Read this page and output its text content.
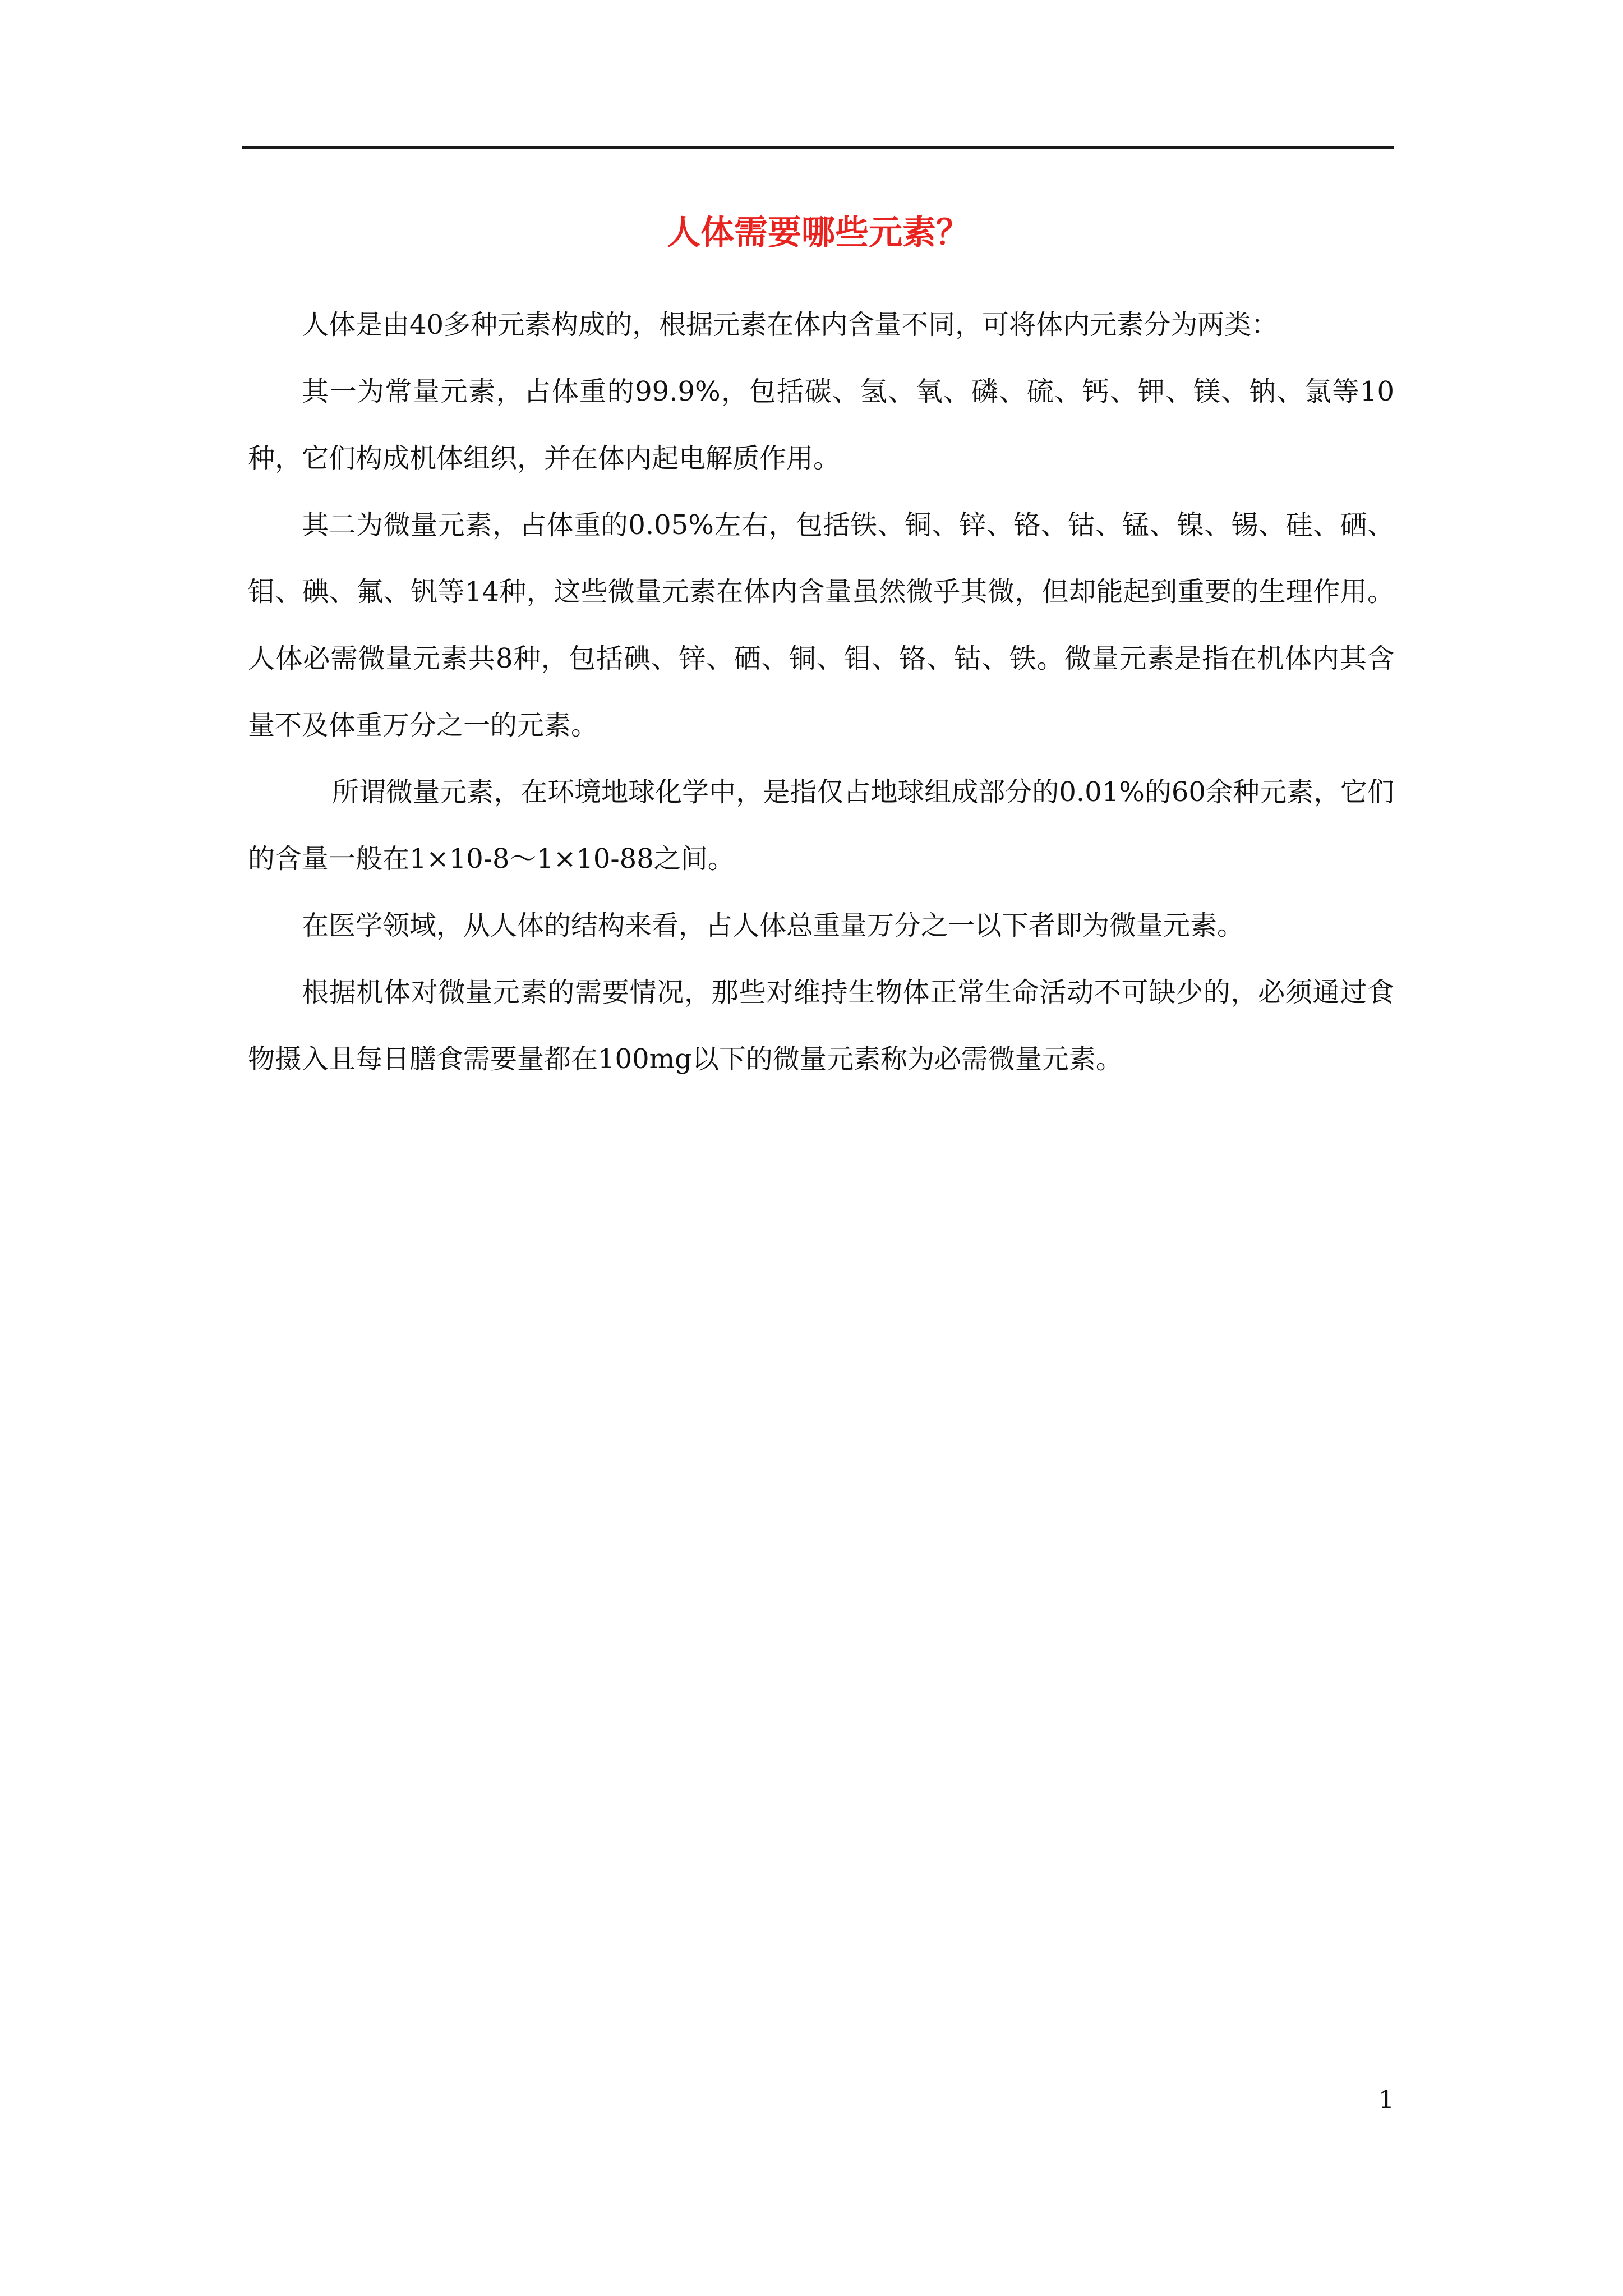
人体需要哪些元素？

人体是由40多种元素构成的，根据元素在体内含量不同，可将体内元素分为两类：

其一为常量元素，占体重的99.9%，包括碳、氢、氧、磷、硫、钙、钾、镁、钠、氯等10种，它们构成机体组织，并在体内起电解质作用。

其二为微量元素，占体重的0.05%左右，包括铁、铜、锌、铬、钴、锰、镍、锡、硅、硒、钼、碘、氟、钒等14种，这些微量元素在体内含量虽然微乎其微，但却能起到重要的生理作用。人体必需微量元素共8种，包括碘、锌、硒、铜、钼、铬、钴、铁。微量元素是指在机体内其含量不及体重万分之一的元素。

所谓微量元素，在环境地球化学中，是指仅占地球组成部分的0.01%的60余种元素，它们的含量一般在1×10-8～1×10-88之间。

在医学领域，从人体的结构来看，占人体总重量万分之一以下者即为微量元素。

根据机体对微量元素的需要情况，那些对维持生物体正常生命活动不可缺少的，必须通过食物摄入且每日膳食需要量都在100mg以下的微量元素称为必需微量元素。

1
